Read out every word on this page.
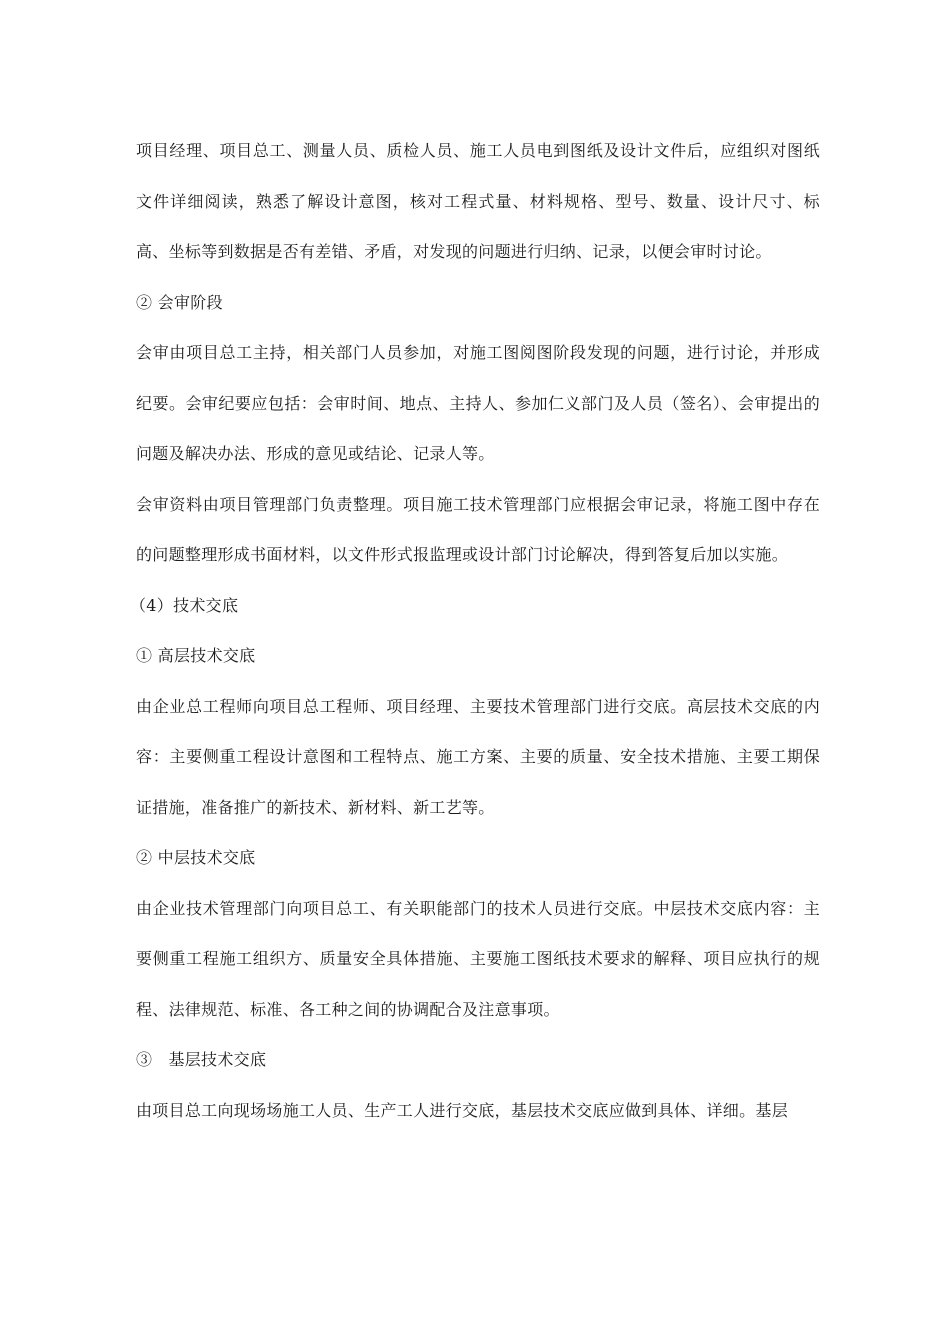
项目经理、项目总工、测量人员、质检人员、施工人员电到图纸及设计文件后，应组织对图纸文件详细阅读，熟悉了解设计意图，核对工程式量、材料规格、型号、数量、设计尺寸、标高、坐标等到数据是否有差错、矛盾，对发现的问题进行归纳、记录，以便会审时讨论。

② 会审阶段

会审由项目总工主持，相关部门人员参加，对施工图阅图阶段发现的问题，进行讨论，并形成纪要。会审纪要应包括：会审时间、地点、主持人、参加仁义部门及人员（签名）、会审提出的问题及解决办法、形成的意见或结论、记录人等。

会审资料由项目管理部门负责整理。项目施工技术管理部门应根据会审记录，将施工图中存在的问题整理形成书面材料，以文件形式报监理或设计部门讨论解决，得到答复后加以实施。

（4）技术交底

① 高层技术交底

由企业总工程师向项目总工程师、项目经理、主要技术管理部门进行交底。高层技术交底的内容：主要侧重工程设计意图和工程特点、施工方案、主要的质量、安全技术措施、主要工期保证措施，准备推广的新技术、新材料、新工艺等。

② 中层技术交底

由企业技术管理部门向项目总工、有关职能部门的技术人员进行交底。中层技术交底内容：主要侧重工程施工组织方、质量安全具体措施、主要施工图纸技术要求的解释、项目应执行的规程、法律规范、标准、各工种之间的协调配合及注意事项。

③   基层技术交底

由项目总工向现场场施工人员、生产工人进行交底，基层技术交底应做到具体、详细。基层
